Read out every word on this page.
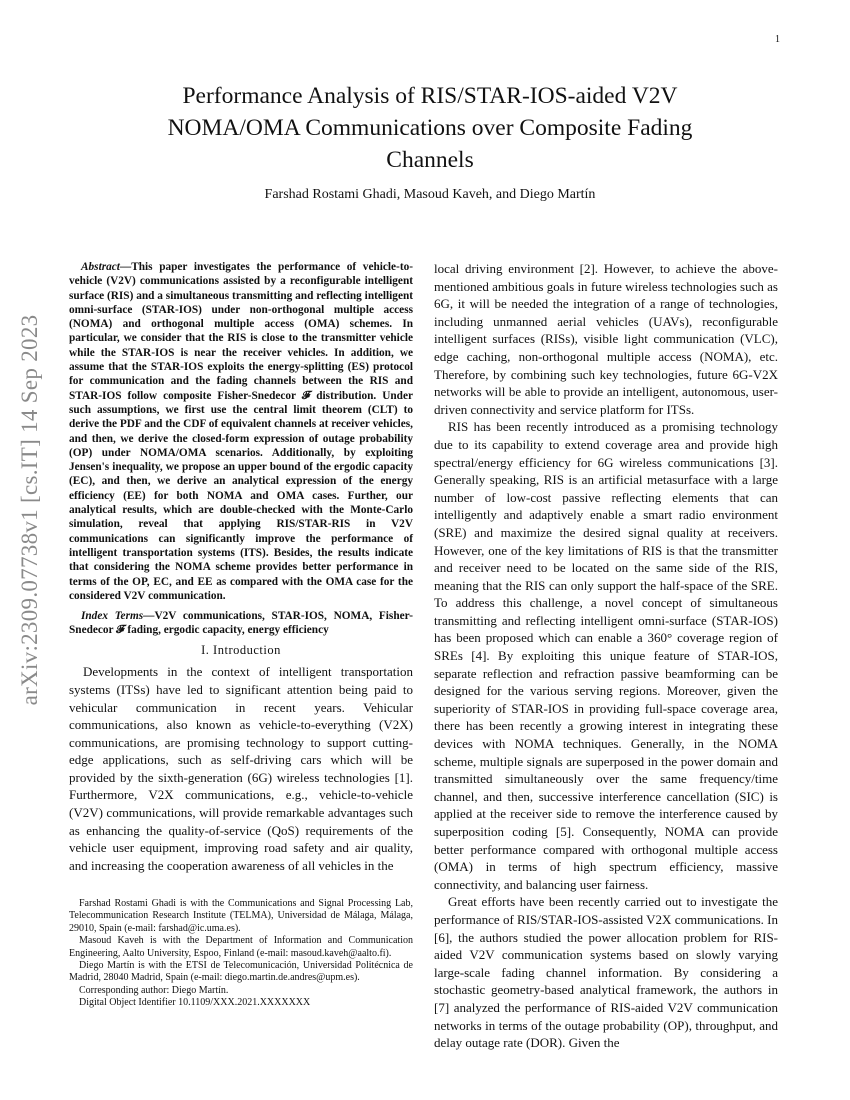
1
arXiv:2309.07738v1 [cs.IT] 14 Sep 2023
Performance Analysis of RIS/STAR-IOS-aided V2V
NOMA/OMA Communications over Composite Fading
Channels
Farshad Rostami Ghadi, Masoud Kaveh, and Diego Martín

Abstract—This paper investigates the performance of vehicle-to-vehicle (V2V) communications assisted by a reconfigurable intelligent surface (RIS) and a simultaneous transmitting and reflecting intelligent omni-surface (STAR-IOS) under non-orthogonal multiple access (NOMA) and orthogonal multiple access (OMA) schemes. In particular, we consider that the RIS is close to the transmitter vehicle while the STAR-IOS is near the receiver vehicles. In addition, we assume that the STAR-IOS exploits the energy-splitting (ES) protocol for communication and the fading channels between the RIS and STAR-IOS follow composite Fisher-Snedecor 𝓕 distribution. Under such assumptions, we first use the central limit theorem (CLT) to derive the PDF and the CDF of equivalent channels at receiver vehicles, and then, we derive the closed-form expression of outage probability (OP) under NOMA/OMA scenarios. Additionally, by exploiting Jensen's inequality, we propose an upper bound of the ergodic capacity (EC), and then, we derive an analytical expression of the energy efficiency (EE) for both NOMA and OMA cases. Further, our analytical results, which are double-checked with the Monte-Carlo simulation, reveal that applying RIS/STAR-RIS in V2V communications can significantly improve the performance of intelligent transportation systems (ITS). Besides, the results indicate that considering the NOMA scheme provides better performance in terms of the OP, EC, and EE as compared with the OMA case for the considered V2V communication.

Index Terms—V2V communications, STAR-IOS, NOMA, Fisher-Snedecor 𝓕 fading, ergodic capacity, energy efficiency

I. Introduction

Developments in the context of intelligent transportation systems (ITSs) have led to significant attention being paid to vehicular communication in recent years. Vehicular communications, also known as vehicle-to-everything (V2X) communications, are promising technology to support cutting-edge applications, such as self-driving cars which will be provided by the sixth-generation (6G) wireless technologies [1]. Furthermore, V2X communications, e.g., vehicle-to-vehicle (V2V) communications, will provide remarkable advantages such as enhancing the quality-of-service (QoS) requirements of the vehicle user equipment, improving road safety and air quality, and increasing the cooperation awareness of all vehicles in the

Farshad Rostami Ghadi is with the Communications and Signal Processing Lab, Telecommunication Research Institute (TELMA), Universidad de Málaga, Málaga, 29010, Spain (e-mail: farshad@ic.uma.es).

Masoud Kaveh is with the Department of Information and Communication Engineering, Aalto University, Espoo, Finland (e-mail: masoud.kaveh@aalto.fi).

Diego Martín is with the ETSI de Telecomunicación, Universidad Politécnica de Madrid, 28040 Madrid, Spain (e-mail: diego.martin.de.andres@upm.es).

Corresponding author: Diego Martín.

Digital Object Identifier 10.1109/XXX.2021.XXXXXXX

local driving environment [2]. However, to achieve the above-mentioned ambitious goals in future wireless technologies such as 6G, it will be needed the integration of a range of technologies, including unmanned aerial vehicles (UAVs), reconfigurable intelligent surfaces (RISs), visible light communication (VLC), edge caching, non-orthogonal multiple access (NOMA), etc. Therefore, by combining such key technologies, future 6G-V2X networks will be able to provide an intelligent, autonomous, user-driven connectivity and service platform for ITSs.

RIS has been recently introduced as a promising technology due to its capability to extend coverage area and provide high spectral/energy efficiency for 6G wireless communications [3]. Generally speaking, RIS is an artificial metasurface with a large number of low-cost passive reflecting elements that can intelligently and adaptively enable a smart radio environment (SRE) and maximize the desired signal quality at receivers. However, one of the key limitations of RIS is that the transmitter and receiver need to be located on the same side of the RIS, meaning that the RIS can only support the half-space of the SRE. To address this challenge, a novel concept of simultaneous transmitting and reflecting intelligent omni-surface (STAR-IOS) has been proposed which can enable a 360° coverage region of SREs [4]. By exploiting this unique feature of STAR-IOS, separate reflection and refraction passive beamforming can be designed for the various serving regions. Moreover, given the superiority of STAR-IOS in providing full-space coverage area, there has been recently a growing interest in integrating these devices with NOMA techniques. Generally, in the NOMA scheme, multiple signals are superposed in the power domain and transmitted simultaneously over the same frequency/time channel, and then, successive interference cancellation (SIC) is applied at the receiver side to remove the interference caused by superposition coding [5]. Consequently, NOMA can provide better performance compared with orthogonal multiple access (OMA) in terms of high spectrum efficiency, massive connectivity, and balancing user fairness.

Great efforts have been recently carried out to investigate the performance of RIS/STAR-IOS-assisted V2X communications. In [6], the authors studied the power allocation problem for RIS-aided V2V communication systems based on slowly varying large-scale fading channel information. By considering a stochastic geometry-based analytical framework, the authors in [7] analyzed the performance of RIS-aided V2V communication networks in terms of the outage probability (OP), throughput, and delay outage rate (DOR). Given the
